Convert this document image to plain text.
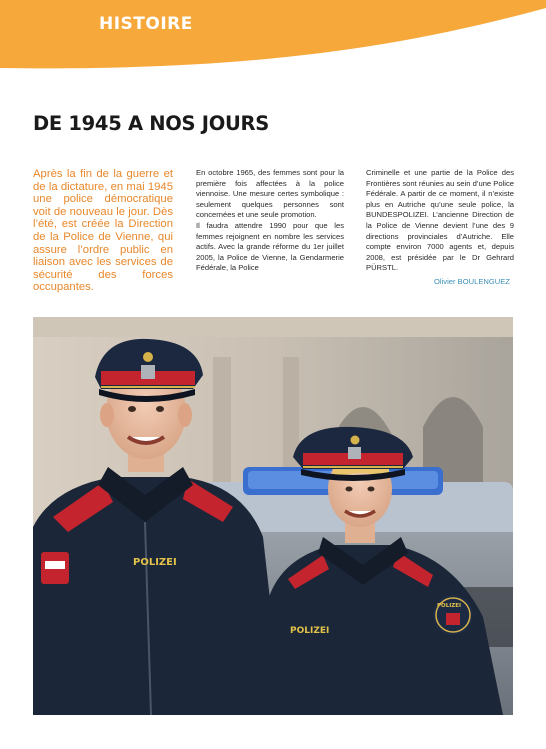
HISTOIRE
DE 1945 A NOS JOURS
Après la fin de la guerre et de la dictature, en mai 1945 une police démocratique voit de nouveau le jour. Dès l’été, est créée la Direction de la Police de Vienne, qui assure l’ordre public en liaison avec les services de sécurité des forces occupantes.

En octobre 1965, des femmes sont pour la première fois affectées à la police viennoise. Une mesure certes symbolique : seulement quelques personnes sont concernées et une seule promotion.

Il faudra attendre 1990 pour que les femmes rejoignent en nombre les services actifs. Avec la grande réforme du 1er juillet 2005, la Police de Vienne, la Gendarmerie Fédérale, la Police

Criminelle et une partie de la Police des Frontières sont réunies au sein d’une Police Fédérale. A partir de ce moment, il n’existe plus en Autriche qu’une seule police, la BUNDESPOLIZEI. L’ancienne Direction de la Police de Vienne devient l’une des 9 directions provinciales d’Autriche. Elle compte environ 7000 agents et, depuis 2008, est présidée par le Dr Gehrard PÜRSTL.

Olivier BOULENGUEZ
POLIZEI
POLIZEI
POLIZEI
